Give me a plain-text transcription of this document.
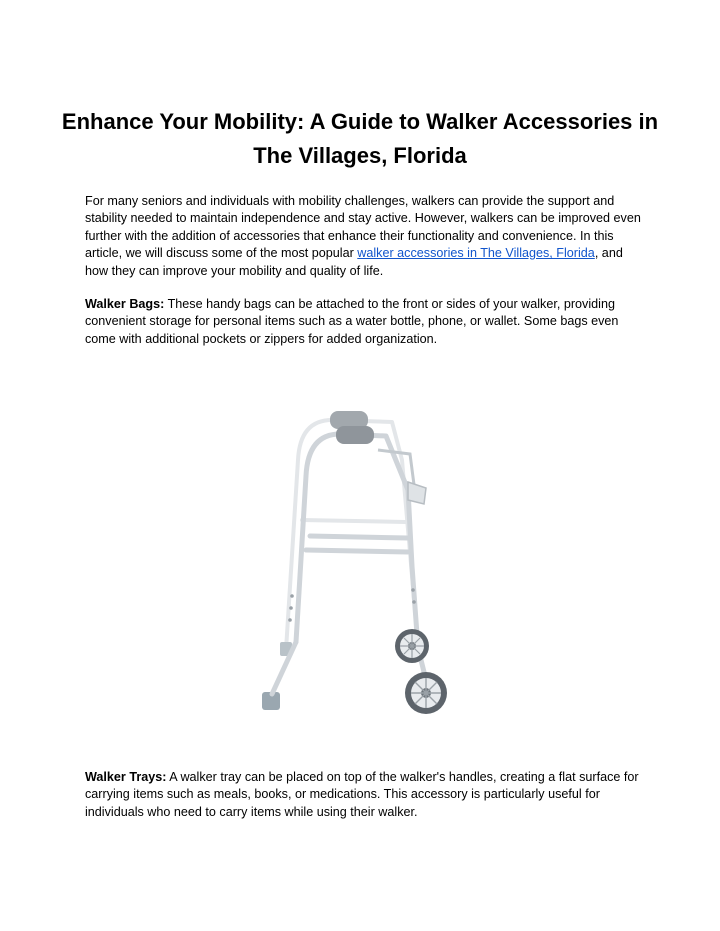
Enhance Your Mobility: A Guide to Walker Accessories in The Villages, Florida

For many seniors and individuals with mobility challenges, walkers can provide the support and stability needed to maintain independence and stay active. However, walkers can be improved even further with the addition of accessories that enhance their functionality and convenience. In this article, we will discuss some of the most popular walker accessories in The Villages, Florida, and how they can improve your mobility and quality of life.

Walker Bags: These handy bags can be attached to the front or sides of your walker, providing convenient storage for personal items such as a water bottle, phone, or wallet. Some bags even come with additional pockets or zippers for added organization.

Walker Trays: A walker tray can be placed on top of the walker's handles, creating a flat surface for carrying items such as meals, books, or medications. This accessory is particularly useful for individuals who need to carry items while using their walker.
